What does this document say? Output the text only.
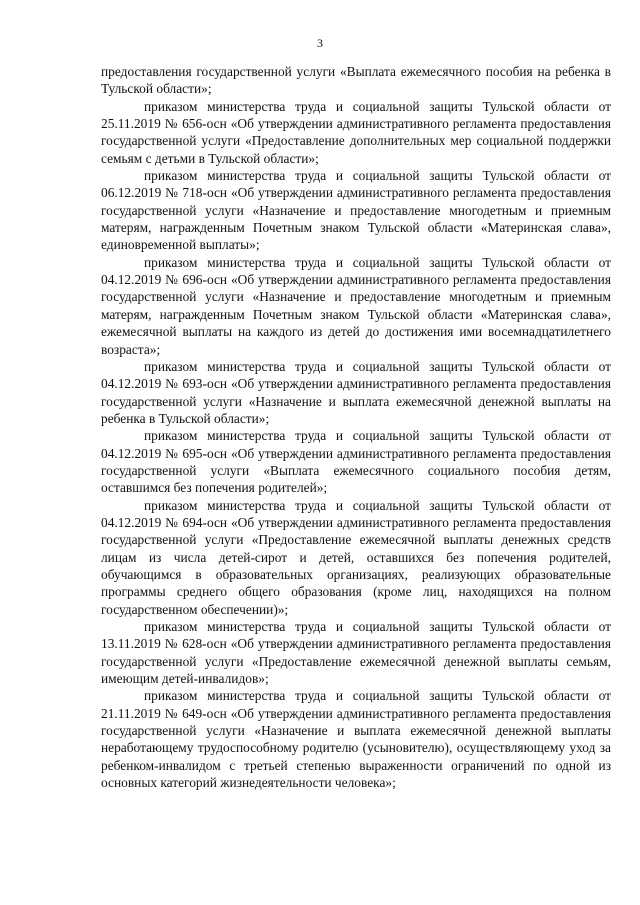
3

предоставления государственной услуги «Выплата ежемесячного пособия на ребенка в Тульской области»;

приказом министерства труда и социальной защиты Тульской области от 25.11.2019 № 656-осн «Об утверждении административного регламента предоставления государственной услуги «Предоставление дополнительных мер социальной поддержки семьям с детьми в Тульской области»;

приказом министерства труда и социальной защиты Тульской области от 06.12.2019 № 718-осн «Об утверждении административного регламента предоставления государственной услуги «Назначение и предоставление многодетным и приемным матерям, награжденным Почетным знаком Тульской области «Материнская слава», единовременной выплаты»;

приказом министерства труда и социальной защиты Тульской области от 04.12.2019 № 696-осн «Об утверждении административного регламента предоставления государственной услуги «Назначение и предоставление многодетным и приемным матерям, награжденным Почетным знаком Тульской области «Материнская слава», ежемесячной выплаты на каждого из детей до достижения ими восемнадцатилетнего возраста»;

приказом министерства труда и социальной защиты Тульской области от 04.12.2019 № 693-осн «Об утверждении административного регламента предоставления государственной услуги «Назначение и выплата ежемесячной денежной выплаты на ребенка в Тульской области»;

приказом министерства труда и социальной защиты Тульской области от 04.12.2019 № 695-осн «Об утверждении административного регламента предоставления государственной услуги «Выплата ежемесячного социального пособия детям, оставшимся без попечения родителей»;

приказом министерства труда и социальной защиты Тульской области от 04.12.2019 № 694-осн «Об утверждении административного регламента предоставления государственной услуги «Предоставление ежемесячной выплаты денежных средств лицам из числа детей-сирот и детей, оставшихся без попечения родителей, обучающимся в образовательных организациях, реализующих образовательные программы среднего общего образования (кроме лиц, находящихся на полном государственном обеспечении)»;

приказом министерства труда и социальной защиты Тульской области от 13.11.2019 № 628-осн «Об утверждении административного регламента предоставления государственной услуги «Предоставление ежемесячной денежной выплаты семьям, имеющим детей-инвалидов»;

приказом министерства труда и социальной защиты Тульской области от 21.11.2019 № 649-осн «Об утверждении административного регламента предоставления государственной услуги «Назначение и выплата ежемесячной денежной выплаты неработающему трудоспособному родителю (усыновителю), осуществляющему уход за ребенком-инвалидом с третьей степенью выраженности ограничений по одной из основных категорий жизнедеятельности человека»;
